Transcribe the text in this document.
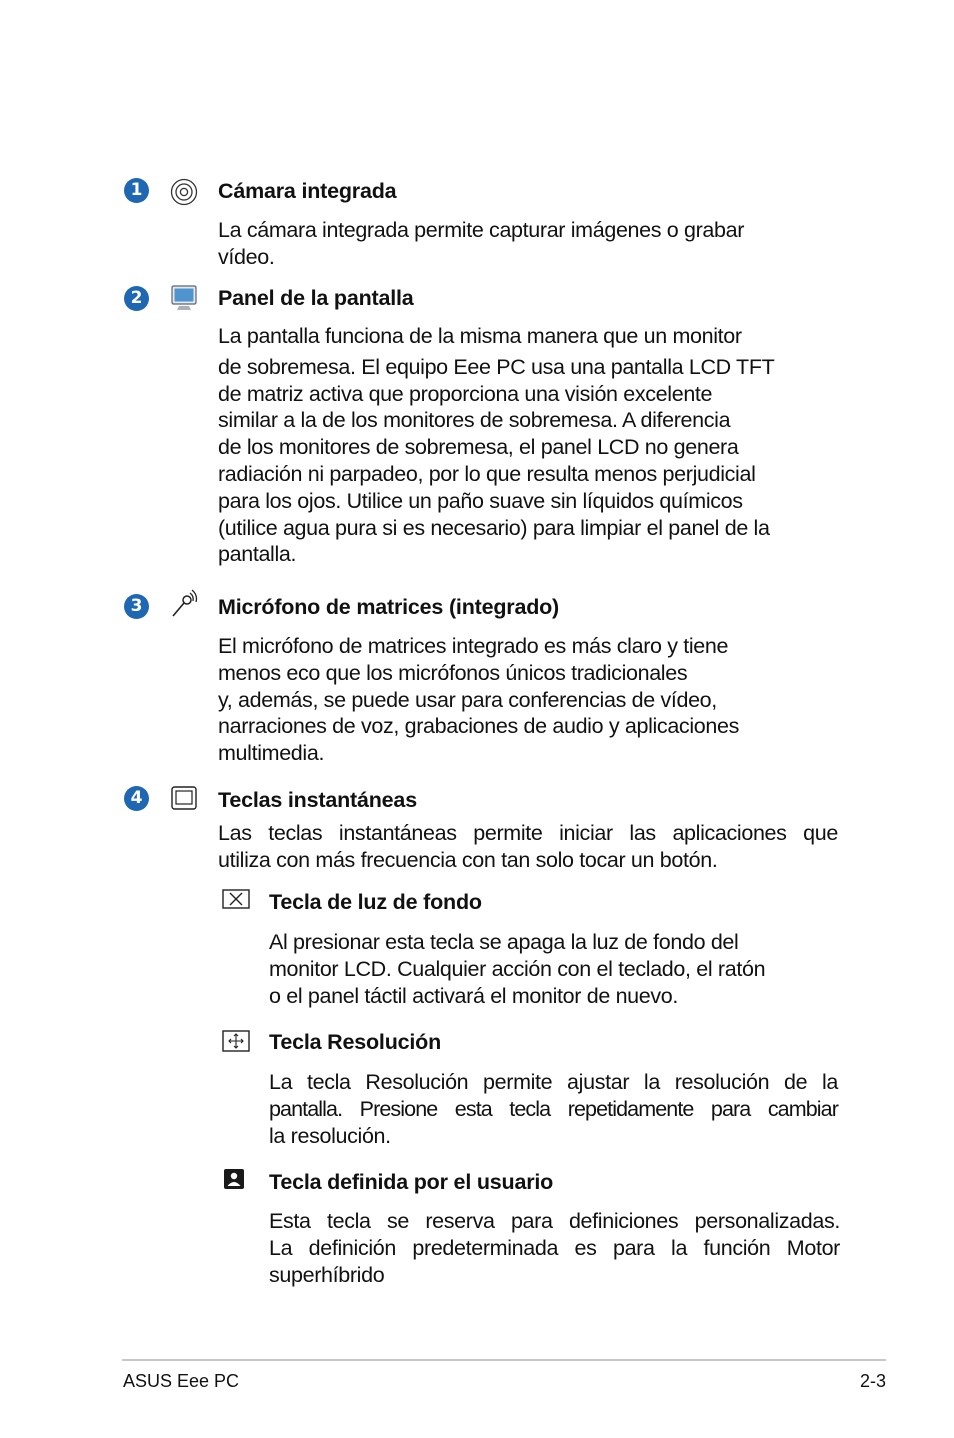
1	Cámara integrada
La cámara integrada permite capturar imágenes o grabar
vídeo.
2	Panel de la pantalla
La pantalla funciona de la misma manera que un monitor
de sobremesa. El equipo Eee PC usa una pantalla LCD TFT
de matriz activa que proporciona una visión excelente
similar a la de los monitores de sobremesa. A diferencia
de los monitores de sobremesa, el panel LCD no genera
radiación ni parpadeo, por lo que resulta menos perjudicial
para los ojos. Utilice un paño suave sin líquidos químicos
(utilice agua pura si es necesario) para limpiar el panel de la
pantalla.
3	Micrófono de matrices (integrado)
El micrófono de matrices integrado es más claro y tiene
menos eco que los micrófonos únicos tradicionales
y, además, se puede usar para conferencias de vídeo,
narraciones de voz, grabaciones de audio y aplicaciones
multimedia.
4	Teclas instantáneas
Las teclas instantáneas permite iniciar las aplicaciones que
utiliza con más frecuencia con tan solo tocar un botón.
Tecla de luz de fondo
Al presionar esta tecla se apaga la luz de fondo del
monitor LCD. Cualquier acción con el teclado, el ratón
o el panel táctil activará el monitor de nuevo.
Tecla Resolución
La tecla Resolución permite ajustar la resolución de la
pantalla. Presione esta tecla repetidamente para cambiar
la resolución.
Tecla definida por el usuario
Esta tecla se reserva para definiciones personalizadas.
La definición predeterminada es para la función Motor
superhíbrido
ASUS Eee PC	2-3
